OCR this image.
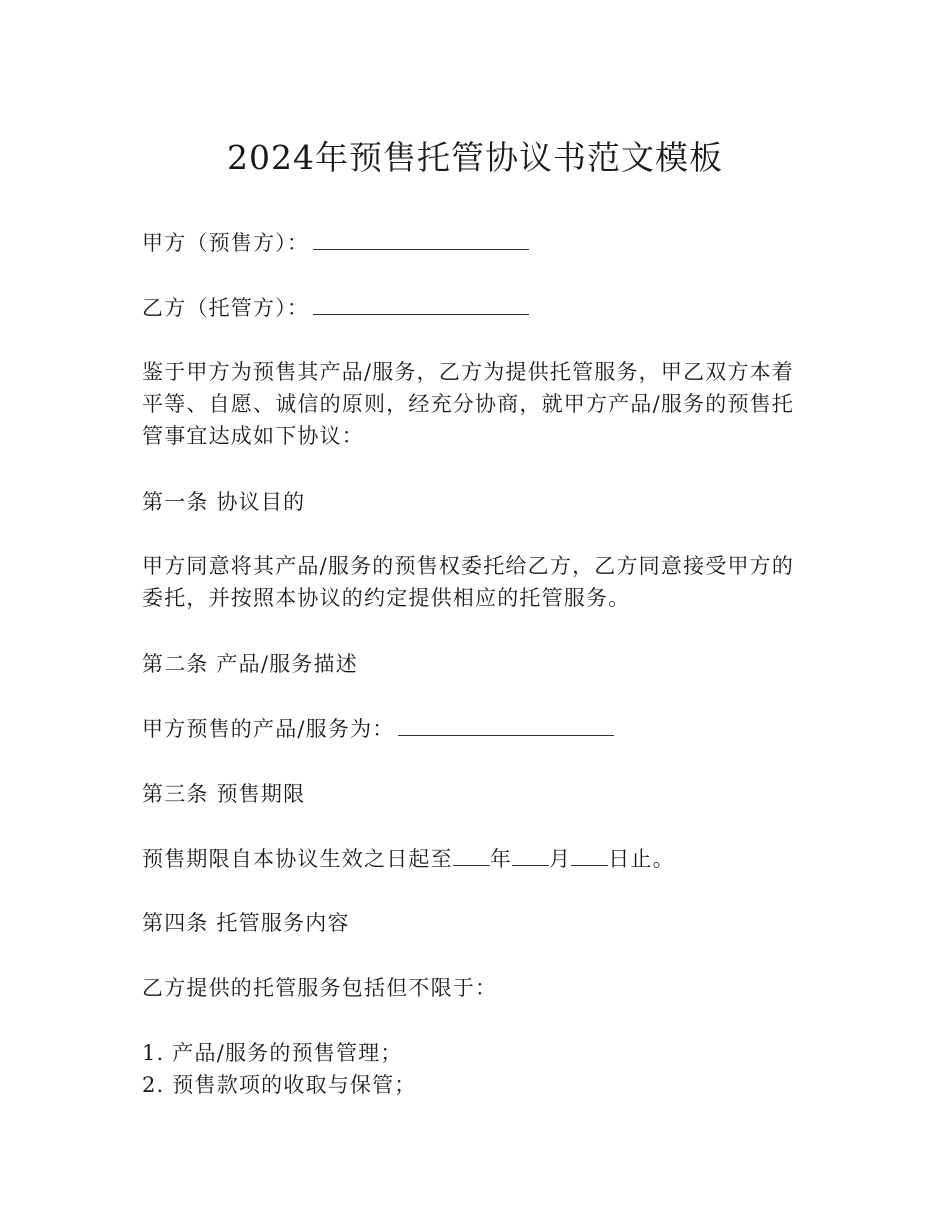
2024年预售托管协议书范文模板
甲方（预售方）：
乙方（托管方）：
鉴于甲方为预售其产品/服务，乙方为提供托管服务，甲乙双方本着平等、自愿、诚信的原则，经充分协商，就甲方产品/服务的预售托管事宜达成如下协议：
第一条 协议目的
甲方同意将其产品/服务的预售权委托给乙方，乙方同意接受甲方的委托，并按照本协议的约定提供相应的托管服务。
第二条 产品/服务描述
甲方预售的产品/服务为：
第三条 预售期限
预售期限自本协议生效之日起至 年 月 日止。
第四条 托管服务内容
乙方提供的托管服务包括但不限于：
1. 产品/服务的预售管理；
2. 预售款项的收取与保管；
